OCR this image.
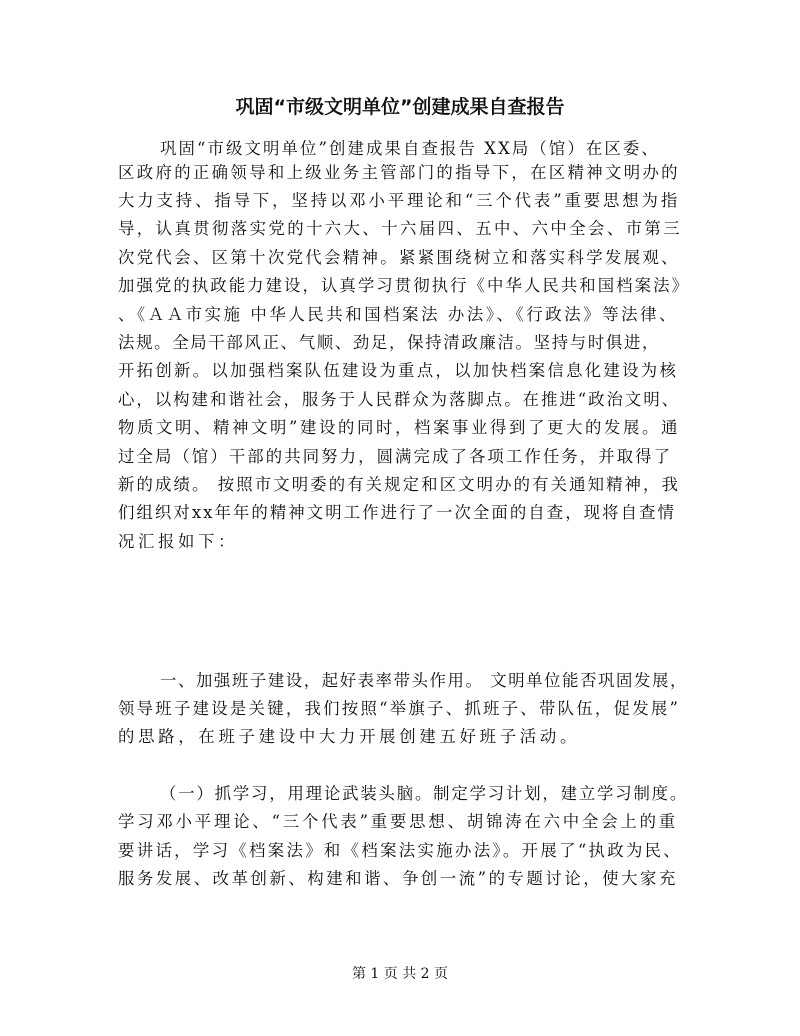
巩固“市级文明单位”创建成果自查报告
巩固“市级文明单位”创建成果自查报告 XX局（馆）在区委、
区政府的正确领导和上级业务主管部门的指导下，在区精神文明办的
大力支持、指导下，坚持以邓小平理论和“三个代表”重要思想为指
导，认真贯彻落实党的十六大、十六届四、五中、六中全会、市第三
次党代会、区第十次党代会精神。紧紧围绕树立和落实科学发展观、
加强党的执政能力建设，认真学习贯彻执行《中华人民共和国档案法》
、《ＡＡ市实施 中华人民共和国档案法 办法》、《行政法》等法律、
法规。全局干部风正、气顺、劲足，保持清政廉洁。坚持与时俱进，
开拓创新。以加强档案队伍建设为重点，以加快档案信息化建设为核
心，以构建和谐社会，服务于人民群众为落脚点。在推进“政治文明、
物质文明、精神文明”建设的同时，档案事业得到了更大的发展。通
过全局（馆）干部的共同努力，圆满完成了各项工作任务，并取得了
新的成绩。 按照市文明委的有关规定和区文明办的有关通知精神，我
们组织对xx年年的精神文明工作进行了一次全面的自查，现将自查情
况汇报如下：
一、加强班子建设，起好表率带头作用。 文明单位能否巩固发展，
领导班子建设是关键，我们按照“举旗子、抓班子、带队伍，促发展”
的思路，在班子建设中大力开展创建五好班子活动。
（一）抓学习，用理论武装头脑。制定学习计划，建立学习制度。
学习邓小平理论、“三个代表”重要思想、胡锦涛在六中全会上的重
要讲话，学习《档案法》和《档案法实施办法》。开展了“执政为民、
服务发展、改革创新、构建和谐、争创一流”的专题讨论，使大家充
第 1 页 共 2 页
